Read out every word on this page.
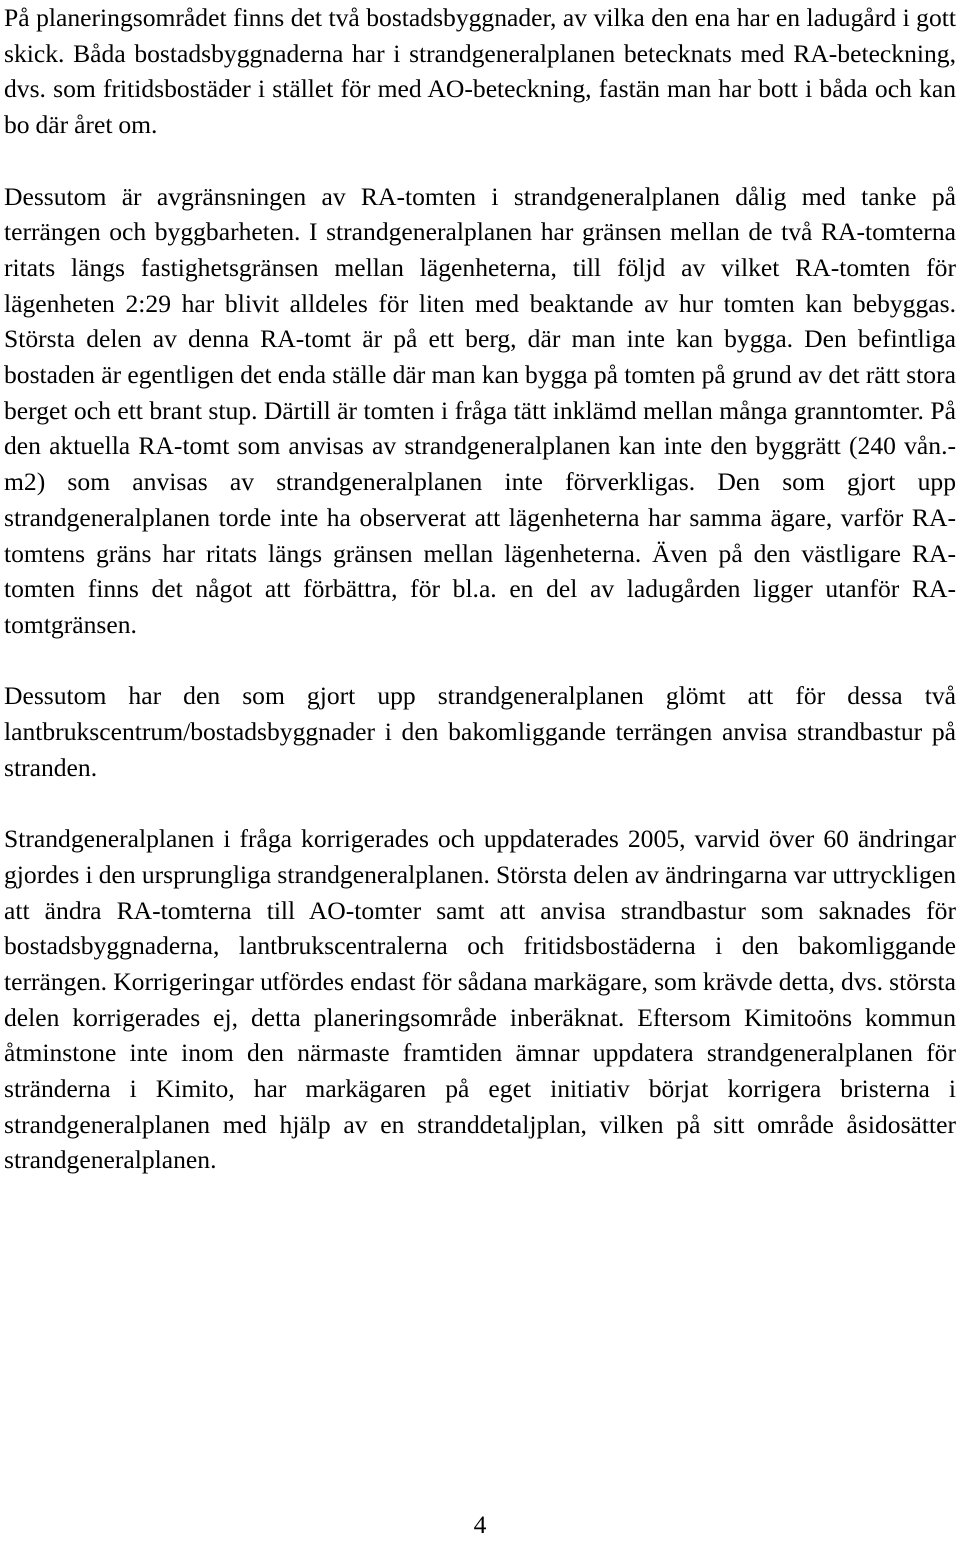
På planeringsområdet finns det två bostadsbyggnader, av vilka den ena har en ladugård i gott skick. Båda bostadsbyggnaderna har i strandgeneralplanen betecknats med RA-beteckning, dvs. som fritidsbostäder i stället för med AO-beteckning, fastän man har bott i båda och kan bo där året om.

Dessutom är avgränsningen av RA-tomten i strandgeneralplanen dålig med tanke på terrängen och byggbarheten. I strandgeneralplanen har gränsen mellan de två RA-tomterna ritats längs fastighetsgränsen mellan lägenheterna, till följd av vilket RA-tomten för lägenheten 2:29 har blivit alldeles för liten med beaktande av hur tomten kan bebyggas. Största delen av denna RA-tomt är på ett berg, där man inte kan bygga. Den befintliga bostaden är egentligen det enda ställe där man kan bygga på tomten på grund av det rätt stora berget och ett brant stup. Därtill är tomten i fråga tätt inklämd mellan många granntomter. På den aktuella RA-tomt som anvisas av strandgeneralplanen kan inte den byggrätt (240 vån.-m2) som anvisas av strandgeneralplanen inte förverkligas. Den som gjort upp strandgeneralplanen torde inte ha observerat att lägenheterna har samma ägare, varför RA-tomtens gräns har ritats längs gränsen mellan lägenheterna. Även på den västligare RA-tomten finns det något att förbättra, för bl.a. en del av ladugården ligger utanför RA-tomtgränsen.

Dessutom har den som gjort upp strandgeneralplanen glömt att för dessa två lantbrukscentrum/bostadsbyggnader i den bakomliggande terrängen anvisa strandbastur på stranden.

Strandgeneralplanen i fråga korrigerades och uppdaterades 2005, varvid över 60 ändringar gjordes i den ursprungliga strandgeneralplanen. Största delen av ändringarna var uttryckligen att ändra RA-tomterna till AO-tomter samt att anvisa strandbastur som saknades för bostadsbyggnaderna, lantbrukscentralerna och fritidsbostäderna i den bakomliggande terrängen. Korrigeringar utfördes endast för sådana markägare, som krävde detta, dvs. största delen korrigerades ej, detta planeringsområde inberäknat. Eftersom Kimitoöns kommun åtminstone inte inom den närmaste framtiden ämnar uppdatera strandgeneralplanen för stränderna i Kimito, har markägaren på eget initiativ börjat korrigera bristerna i strandgeneralplanen med hjälp av en stranddetaljplan, vilken på sitt område åsidosätter strandgeneralplanen.

4
